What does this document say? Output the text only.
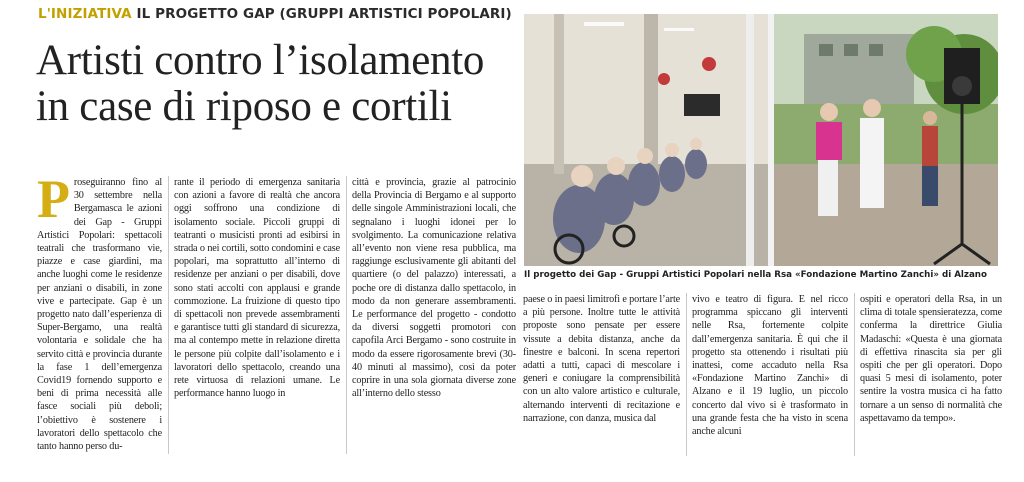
L'INIZIATIVA IL PROGETTO GAP (GRUPPI ARTISTICI POPOLARI)
Artisti contro l’isolamento
in case di riposo e cortili
P roseguiranno fino al 30 settembre nella Bergamasca le azioni dei Gap - Gruppi Artistici Popolari: spettacoli teatrali che trasformano vie, piazze e case giardini, ma anche luoghi come le residenze per anziani o disabili, in zone vive e partecipate. Gap è un progetto nato dall’esperienza di Super-Bergamo, una realtà volontaria e solidale che ha servito città e provincia durante la fase 1 dell’emergenza Covid19 fornendo supporto e beni di prima necessità alle fasce sociali più deboli; l’obiettivo è sostenere i lavoratori dello spettacolo che tanto hanno perso du-

rante il periodo di emergenza sanitaria con azioni a favore di realtà che ancora oggi soffrono una condizione di isolamento sociale. Piccoli gruppi di teatranti o musicisti pronti ad esibirsi in strada o nei cortili, sotto condomini e case popolari, ma soprattutto all’interno di residenze per anziani o per disabili, dove sono stati accolti con applausi e grande commozione. La fruizione di questo tipo di spettacoli non prevede assembramenti e garantisce tutti gli standard di sicurezza, ma al contempo mette in relazione diretta le persone più colpite dall’isolamento e i lavoratori dello spettacolo, creando una rete virtuosa di relazioni umane. Le performance hanno luogo in

città e provincia, grazie al patrocinio della Provincia di Bergamo e al supporto delle singole Amministrazioni locali, che segnalano i luoghi idonei per lo svolgimento. La comunicazione relativa all’evento non viene resa pubblica, ma raggiunge esclusivamente gli abitanti del quartiere (o del palazzo) interessati, a poche ore di distanza dallo spettacolo, in modo da non generare assembramenti. Le performance del progetto - condotto da diversi soggetti promotori con capofila Arci Bergamo - sono costruite in modo da essere rigorosamente brevi (30-40 minuti al massimo), così da poter coprire in una sola giornata diverse zone all’interno dello stesso

Il progetto dei Gap - Gruppi Artistici Popolari nella Rsa «Fondazione Martino Zanchi» di Alzano

paese o in paesi limitrofi e portare l’arte a più persone. Inoltre tutte le attività proposte sono pensate per essere vissute a debita distanza, anche da finestre e balconi. In scena repertori adatti a tutti, capaci di mescolare i generi e coniugare la comprensibilità con un alto valore artistico e culturale, alternando interventi di recitazione e narrazione, con danza, musica dal

vivo e teatro di figura. E nel ricco programma spiccano gli interventi nelle Rsa, fortemente colpite dall’emergenza sanitaria. È qui che il progetto sta ottenendo i risultati più inattesi, come accaduto nella Rsa «Fondazione Martino Zanchi» di Alzano e il 19 luglio, un piccolo concerto dal vivo si è trasformato in una grande festa che ha visto in scena anche alcuni

ospiti e operatori della Rsa, in un clima di totale spensieratezza, come conferma la direttrice Giulia Madaschi: «Questa è una giornata di effettiva rinascita sia per gli ospiti che per gli operatori. Dopo quasi 5 mesi di isolamento, poter sentire la vostra musica ci ha fatto tornare a un senso di normalità che aspettavamo da tempo».
